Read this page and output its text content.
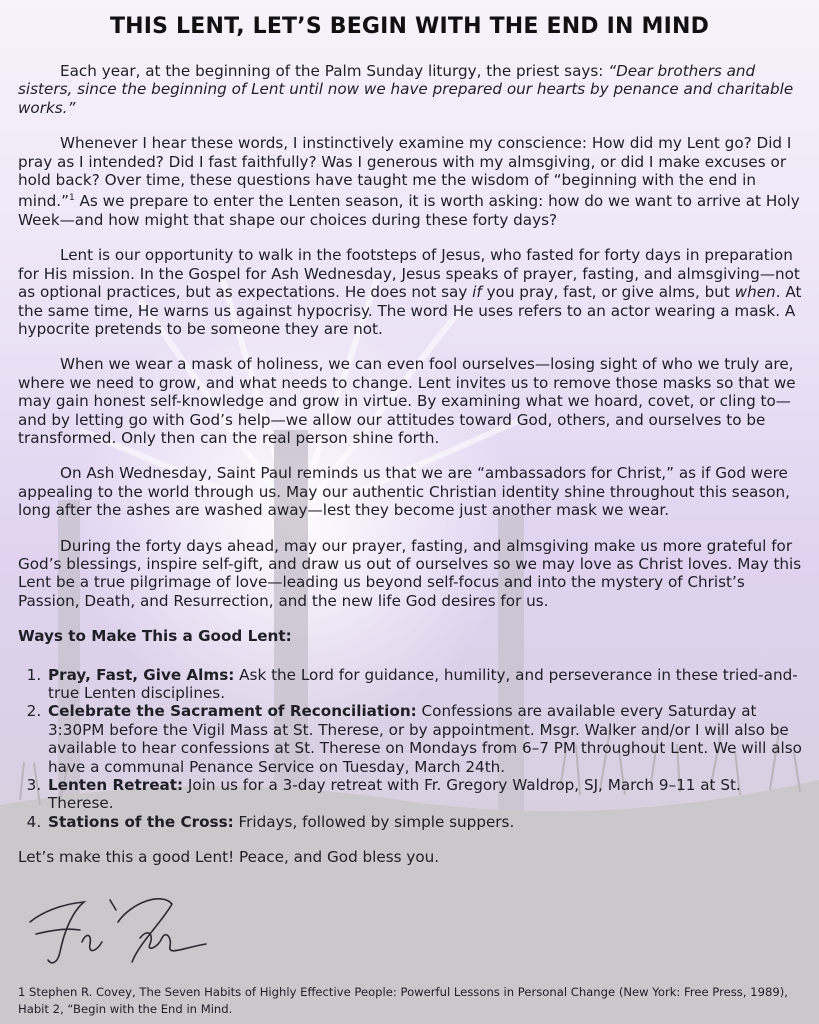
THIS LENT, LET’S BEGIN WITH THE END IN MIND

Each year, at the beginning of the Palm Sunday liturgy, the priest says: “Dear brothers and sisters, since the beginning of Lent until now we have prepared our hearts by penance and charitable works.”

Whenever I hear these words, I instinctively examine my conscience: How did my Lent go? Did I pray as I intended? Did I fast faithfully? Was I generous with my almsgiving, or did I make excuses or hold back? Over time, these questions have taught me the wisdom of “beginning with the end in mind.”$^1$ As we prepare to enter the Lenten season, it is worth asking: how do we want to arrive at Holy Week—and how might that shape our choices during these forty days?

Lent is our opportunity to walk in the footsteps of Jesus, who fasted for forty days in preparation for His mission. In the Gospel for Ash Wednesday, Jesus speaks of prayer, fasting, and almsgiving—not as optional practices, but as expectations. He does not say if you pray, fast, or give alms, but when. At the same time, He warns us against hypocrisy. The word He uses refers to an actor wearing a mask. A hypocrite pretends to be someone they are not.

When we wear a mask of holiness, we can even fool ourselves—losing sight of who we truly are, where we need to grow, and what needs to change. Lent invites us to remove those masks so that we may gain honest self-knowledge and grow in virtue. By examining what we hoard, covet, or cling to—and by letting go with God’s help—we allow our attitudes toward God, others, and ourselves to be transformed. Only then can the real person shine forth.

On Ash Wednesday, Saint Paul reminds us that we are “ambassadors for Christ,” as if God were appealing to the world through us. May our authentic Christian identity shine throughout this season, long after the ashes are washed away—lest they become just another mask we wear.

During the forty days ahead, may our prayer, fasting, and almsgiving make us more grateful for God’s blessings, inspire self-gift, and draw us out of ourselves so we may love as Christ loves. May this Lent be a true pilgrimage of love—leading us beyond self-focus and into the mystery of Christ’s Passion, Death, and Resurrection, and the new life God desires for us.

Ways to Make This a Good Lent:

1. Pray, Fast, Give Alms: Ask the Lord for guidance, humility, and perseverance in these tried-and-true Lenten disciplines.
2. Celebrate the Sacrament of Reconciliation: Confessions are available every Saturday at 3:30PM before the Vigil Mass at St. Therese, or by appointment. Msgr. Walker and/or I will also be available to hear confessions at St. Therese on Mondays from 6–7 PM throughout Lent. We will also have a communal Penance Service on Tuesday, March 24th.
3. Lenten Retreat: Join us for a 3-day retreat with Fr. Gregory Waldrop, SJ, March 9–11 at St. Therese.
4. Stations of the Cross: Fridays, followed by simple suppers.

Let’s make this a good Lent! Peace, and God bless you.

1 Stephen R. Covey, The Seven Habits of Highly Effective People: Powerful Lessons in Personal Change (New York: Free Press, 1989), Habit 2, “Begin with the End in Mind.
